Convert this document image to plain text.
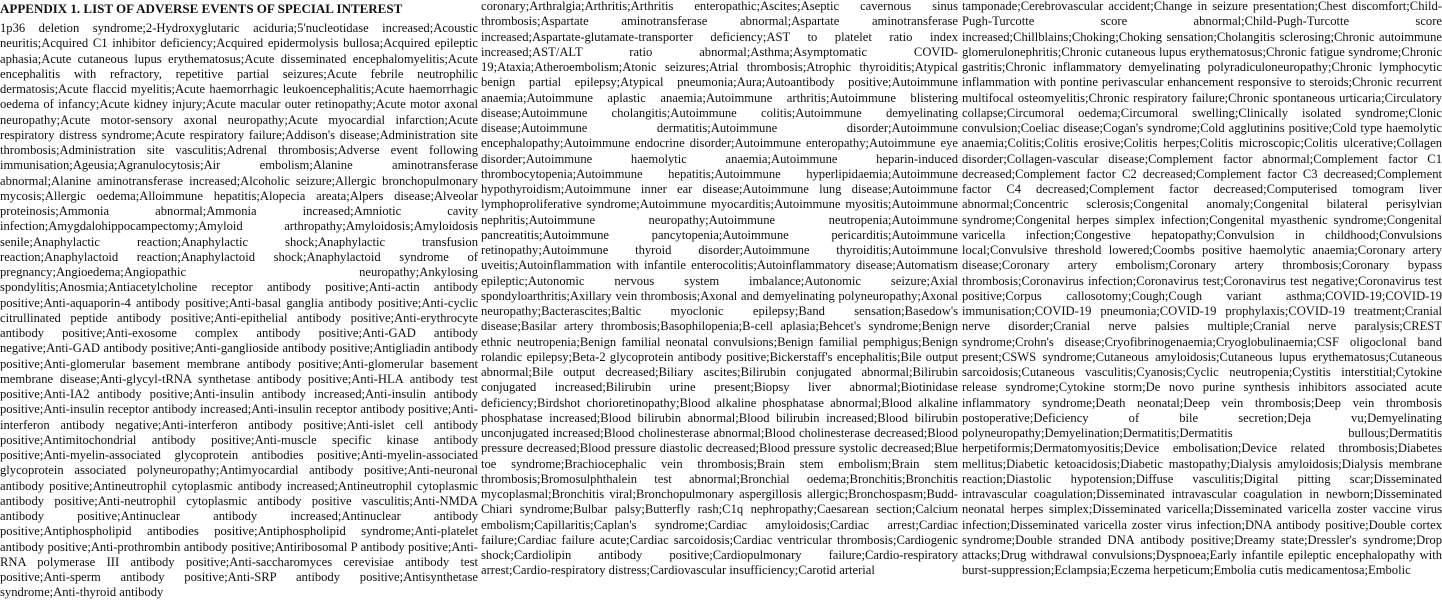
APPENDIX 1. LIST OF ADVERSE EVENTS OF SPECIAL INTEREST

1p36 deletion syndrome;2-Hydroxyglutaric aciduria;5'nucleotidase increased;Acoustic neuritis;Acquired C1 inhibitor deficiency;Acquired epidermolysis bullosa;Acquired epileptic aphasia;Acute cutaneous lupus erythematosus;Acute disseminated encephalomyelitis;Acute encephalitis with refractory, repetitive partial seizures;Acute febrile neutrophilic dermatosis;Acute flaccid myelitis;Acute haemorrhagic leukoencephalitis;Acute haemorrhagic oedema of infancy;Acute kidney injury;Acute macular outer retinopathy;Acute motor axonal neuropathy;Acute motor-sensory axonal neuropathy;Acute myocardial infarction;Acute respiratory distress syndrome;Acute respiratory failure;Addison's disease;Administration site thrombosis;Administration site vasculitis;Adrenal thrombosis;Adverse event following immunisation;Ageusia;Agranulocytosis;Air embolism;Alanine aminotransferase abnormal;Alanine aminotransferase increased;Alcoholic seizure;Allergic bronchopulmonary mycosis;Allergic oedema;Alloimmune hepatitis;Alopecia areata;Alpers disease;Alveolar proteinosis;Ammonia abnormal;Ammonia increased;Amniotic cavity infection;Amygdalohippocampectomy;Amyloid arthropathy;Amyloidosis;Amyloidosis senile;Anaphylactic reaction;Anaphylactic shock;Anaphylactic transfusion reaction;Anaphylactoid reaction;Anaphylactoid shock;Anaphylactoid syndrome of pregnancy;Angioedema;Angiopathic neuropathy;Ankylosing spondylitis;Anosmia;Antiacetylcholine receptor antibody positive;Anti-actin antibody positive;Anti-aquaporin-4 antibody positive;Anti-basal ganglia antibody positive;Anti-cyclic citrullinated peptide antibody positive;Anti-epithelial antibody positive;Anti-erythrocyte antibody positive;Anti-exosome complex antibody positive;Anti-GAD antibody negative;Anti-GAD antibody positive;Anti-ganglioside antibody positive;Antigliadin antibody positive;Anti-glomerular basement membrane antibody positive;Anti-glomerular basement membrane disease;Anti-glycyl-tRNA synthetase antibody positive;Anti-HLA antibody test positive;Anti-IA2 antibody positive;Anti-insulin antibody increased;Anti-insulin antibody positive;Anti-insulin receptor antibody increased;Anti-insulin receptor antibody positive;Anti-interferon antibody negative;Anti-interferon antibody positive;Anti-islet cell antibody positive;Antimitochondrial antibody positive;Anti-muscle specific kinase antibody positive;Anti-myelin-associated glycoprotein antibodies positive;Anti-myelin-associated glycoprotein associated polyneuropathy;Antimyocardial antibody positive;Anti-neuronal antibody positive;Antineutrophil cytoplasmic antibody increased;Antineutrophil cytoplasmic antibody positive;Anti-neutrophil cytoplasmic antibody positive vasculitis;Anti-NMDA antibody positive;Antinuclear antibody increased;Antinuclear antibody positive;Antiphospholipid antibodies positive;Antiphospholipid syndrome;Anti-platelet antibody positive;Anti-prothrombin antibody positive;Antiribosomal P antibody positive;Anti-RNA polymerase III antibody positive;Anti-saccharomyces cerevisiae antibody test positive;Anti-sperm antibody positive;Anti-SRP antibody positive;Antisynthetase syndrome;Anti-thyroid antibody

coronary;Arthralgia;Arthritis;Arthritis enteropathic;Ascites;Aseptic cavernous sinus thrombosis;Aspartate aminotransferase abnormal;Aspartate aminotransferase increased;Aspartate-glutamate-transporter deficiency;AST to platelet ratio index increased;AST/ALT ratio abnormal;Asthma;Asymptomatic COVID-19;Ataxia;Atheroembolism;Atonic seizures;Atrial thrombosis;Atrophic thyroiditis;Atypical benign partial epilepsy;Atypical pneumonia;Aura;Autoantibody positive;Autoimmune anaemia;Autoimmune aplastic anaemia;Autoimmune arthritis;Autoimmune blistering disease;Autoimmune cholangitis;Autoimmune colitis;Autoimmune demyelinating disease;Autoimmune dermatitis;Autoimmune disorder;Autoimmune encephalopathy;Autoimmune endocrine disorder;Autoimmune enteropathy;Autoimmune eye disorder;Autoimmune haemolytic anaemia;Autoimmune heparin-induced thrombocytopenia;Autoimmune hepatitis;Autoimmune hyperlipidaemia;Autoimmune hypothyroidism;Autoimmune inner ear disease;Autoimmune lung disease;Autoimmune lymphoproliferative syndrome;Autoimmune myocarditis;Autoimmune myositis;Autoimmune nephritis;Autoimmune neuropathy;Autoimmune neutropenia;Autoimmune pancreatitis;Autoimmune pancytopenia;Autoimmune pericarditis;Autoimmune retinopathy;Autoimmune thyroid disorder;Autoimmune thyroiditis;Autoimmune uveitis;Autoinflammation with infantile enterocolitis;Autoinflammatory disease;Automatism epileptic;Autonomic nervous system imbalance;Autonomic seizure;Axial spondyloarthritis;Axillary vein thrombosis;Axonal and demyelinating polyneuropathy;Axonal neuropathy;Bacterascites;Baltic myoclonic epilepsy;Band sensation;Basedow's disease;Basilar artery thrombosis;Basophilopenia;B-cell aplasia;Behcet's syndrome;Benign ethnic neutropenia;Benign familial neonatal convulsions;Benign familial pemphigus;Benign rolandic epilepsy;Beta-2 glycoprotein antibody positive;Bickerstaff's encephalitis;Bile output abnormal;Bile output decreased;Biliary ascites;Bilirubin conjugated abnormal;Bilirubin conjugated increased;Bilirubin urine present;Biopsy liver abnormal;Biotinidase deficiency;Birdshot chorioretinopathy;Blood alkaline phosphatase abnormal;Blood alkaline phosphatase increased;Blood bilirubin abnormal;Blood bilirubin increased;Blood bilirubin unconjugated increased;Blood cholinesterase abnormal;Blood cholinesterase decreased;Blood pressure decreased;Blood pressure diastolic decreased;Blood pressure systolic decreased;Blue toe syndrome;Brachiocephalic vein thrombosis;Brain stem embolism;Brain stem thrombosis;Bromosulphthalein test abnormal;Bronchial oedema;Bronchitis;Bronchitis mycoplasmal;Bronchitis viral;Bronchopulmonary aspergillosis allergic;Bronchospasm;Budd-Chiari syndrome;Bulbar palsy;Butterfly rash;C1q nephropathy;Caesarean section;Calcium embolism;Capillaritis;Caplan's syndrome;Cardiac amyloidosis;Cardiac arrest;Cardiac failure;Cardiac failure acute;Cardiac sarcoidosis;Cardiac ventricular thrombosis;Cardiogenic shock;Cardiolipin antibody positive;Cardiopulmonary failure;Cardio-respiratory arrest;Cardio-respiratory distress;Cardiovascular insufficiency;Carotid arterial

tamponade;Cerebrovascular accident;Change in seizure presentation;Chest discomfort;Child-Pugh-Turcotte score abnormal;Child-Pugh-Turcotte score increased;Chillblains;Choking;Choking sensation;Cholangitis sclerosing;Chronic autoimmune glomerulonephritis;Chronic cutaneous lupus erythematosus;Chronic fatigue syndrome;Chronic gastritis;Chronic inflammatory demyelinating polyradiculoneuropathy;Chronic lymphocytic inflammation with pontine perivascular enhancement responsive to steroids;Chronic recurrent multifocal osteomyelitis;Chronic respiratory failure;Chronic spontaneous urticaria;Circulatory collapse;Circumoral oedema;Circumoral swelling;Clinically isolated syndrome;Clonic convulsion;Coeliac disease;Cogan's syndrome;Cold agglutinins positive;Cold type haemolytic anaemia;Colitis;Colitis erosive;Colitis herpes;Colitis microscopic;Colitis ulcerative;Collagen disorder;Collagen-vascular disease;Complement factor abnormal;Complement factor C1 decreased;Complement factor C2 decreased;Complement factor C3 decreased;Complement factor C4 decreased;Complement factor decreased;Computerised tomogram liver abnormal;Concentric sclerosis;Congenital anomaly;Congenital bilateral perisylvian syndrome;Congenital herpes simplex infection;Congenital myasthenic syndrome;Congenital varicella infection;Congestive hepatopathy;Convulsion in childhood;Convulsions local;Convulsive threshold lowered;Coombs positive haemolytic anaemia;Coronary artery disease;Coronary artery embolism;Coronary artery thrombosis;Coronary bypass thrombosis;Coronavirus infection;Coronavirus test;Coronavirus test negative;Coronavirus test positive;Corpus callosotomy;Cough;Cough variant asthma;COVID-19;COVID-19 immunisation;COVID-19 pneumonia;COVID-19 prophylaxis;COVID-19 treatment;Cranial nerve disorder;Cranial nerve palsies multiple;Cranial nerve paralysis;CREST syndrome;Crohn's disease;Cryofibrinogenaemia;Cryoglobulinaemia;CSF oligoclonal band present;CSWS syndrome;Cutaneous amyloidosis;Cutaneous lupus erythematosus;Cutaneous sarcoidosis;Cutaneous vasculitis;Cyanosis;Cyclic neutropenia;Cystitis interstitial;Cytokine release syndrome;Cytokine storm;De novo purine synthesis inhibitors associated acute inflammatory syndrome;Death neonatal;Deep vein thrombosis;Deep vein thrombosis postoperative;Deficiency of bile secretion;Deja vu;Demyelinating polyneuropathy;Demyelination;Dermatitis;Dermatitis bullous;Dermatitis herpetiformis;Dermatomyositis;Device embolisation;Device related thrombosis;Diabetes mellitus;Diabetic ketoacidosis;Diabetic mastopathy;Dialysis amyloidosis;Dialysis membrane reaction;Diastolic hypotension;Diffuse vasculitis;Digital pitting scar;Disseminated intravascular coagulation;Disseminated intravascular coagulation in newborn;Disseminated neonatal herpes simplex;Disseminated varicella;Disseminated varicella zoster vaccine virus infection;Disseminated varicella zoster virus infection;DNA antibody positive;Double cortex syndrome;Double stranded DNA antibody positive;Dreamy state;Dressler's syndrome;Drop attacks;Drug withdrawal convulsions;Dyspnoea;Early infantile epileptic encephalopathy with burst-suppression;Eclampsia;Eczema herpeticum;Embolia cutis medicamentosa;Embolic
